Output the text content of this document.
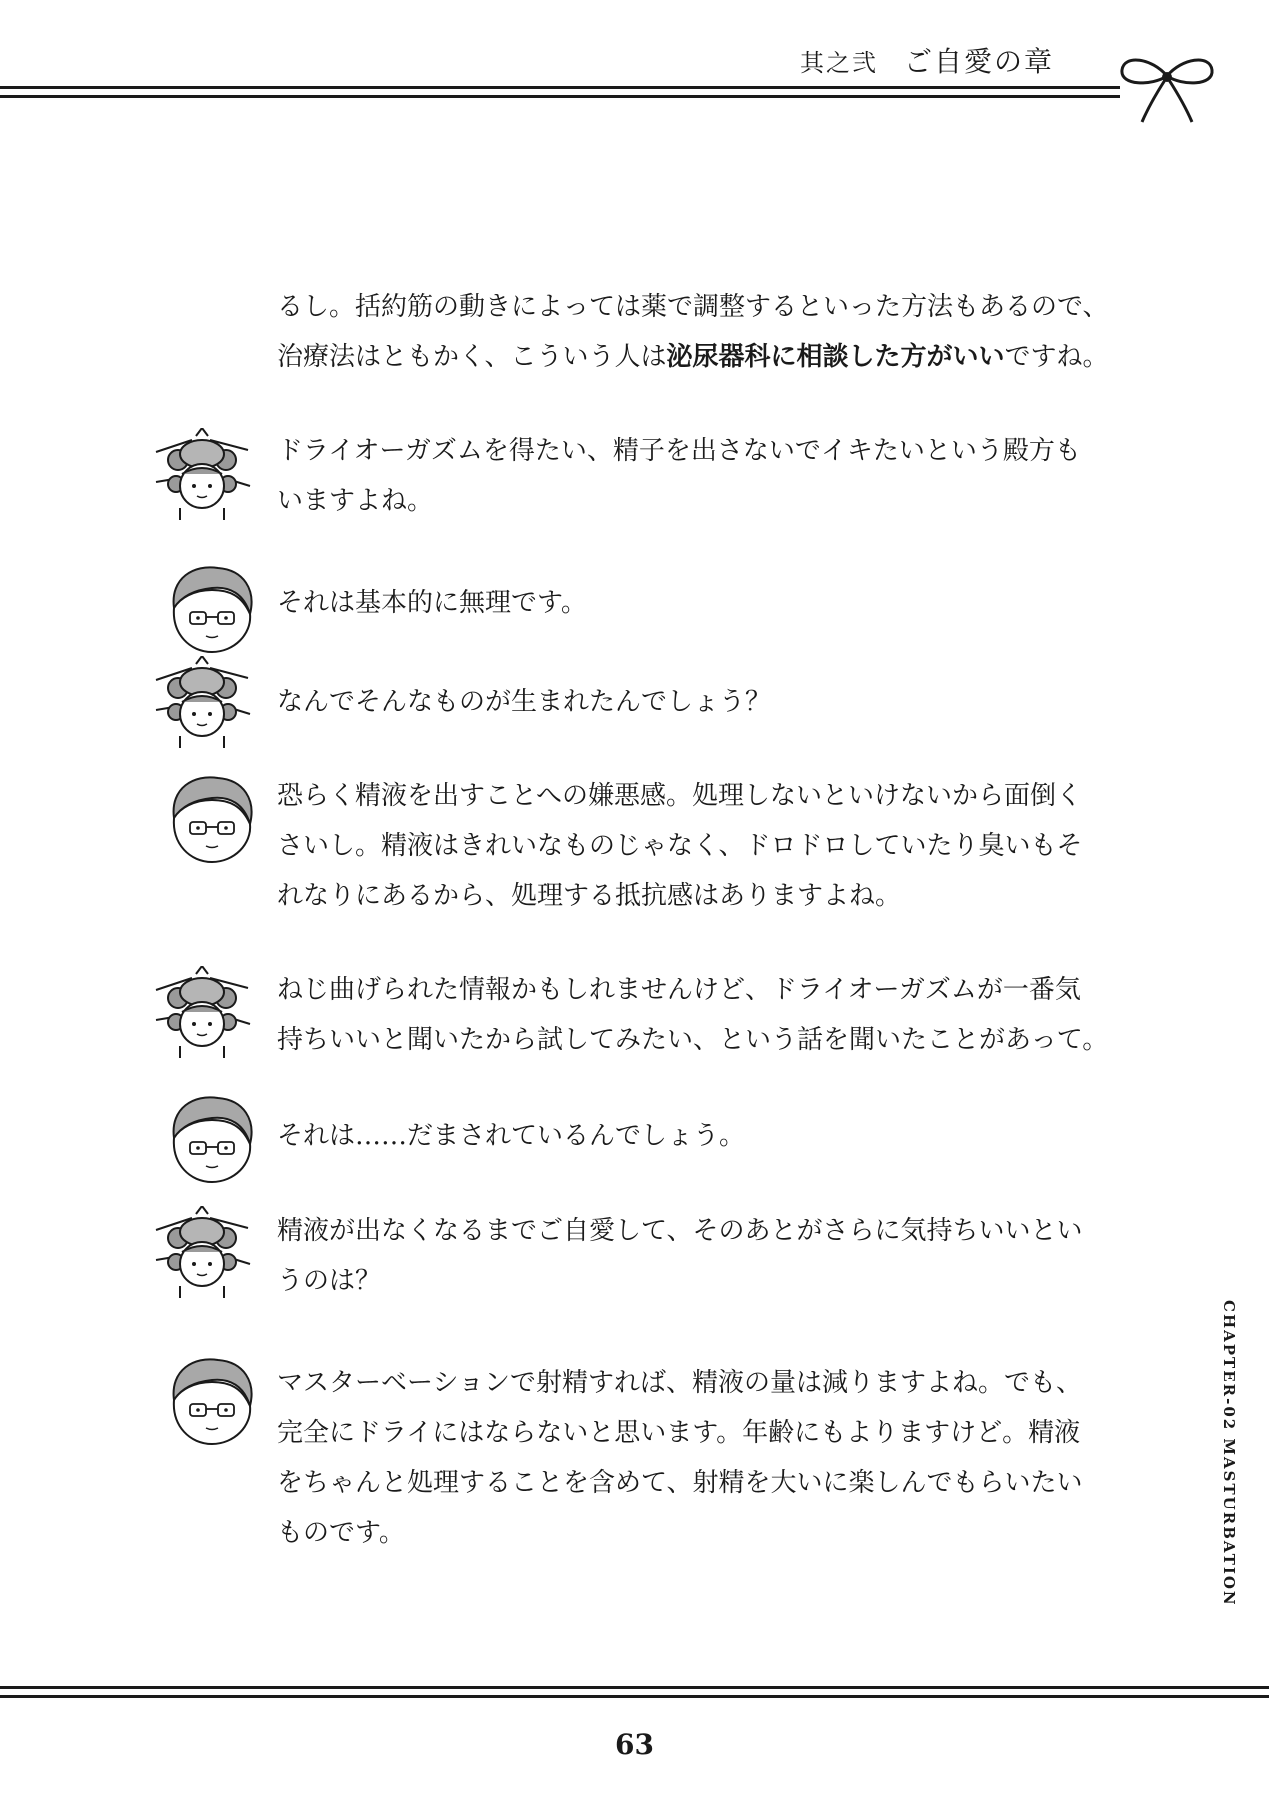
其之弐 ご自愛の章
るし。括約筋の動きによっては薬で調整するといった方法もあるので、
治療法はともかく、こういう人は泌尿器科に相談した方がいいですね。
ドライオーガズムを得たい、精子を出さないでイキたいという殿方も
いますよね。
それは基本的に無理です。
なんでそんなものが生まれたんでしょう？
恐らく精液を出すことへの嫌悪感。処理しないといけないから面倒く
さいし。精液はきれいなものじゃなく、ドロドロしていたり臭いもそ
れなりにあるから、処理する抵抗感はありますよね。
ねじ曲げられた情報かもしれませんけど、ドライオーガズムが一番気
持ちいいと聞いたから試してみたい、という話を聞いたことがあって。
それは……だまされているんでしょう。
精液が出なくなるまでご自愛して、そのあとがさらに気持ちいいとい
うのは？
マスターベーションで射精すれば、精液の量は減りますよね。でも、
完全にドライにはならないと思います。年齢にもよりますけど。精液
をちゃんと処理することを含めて、射精を大いに楽しんでもらいたい
ものです。	CHAPTER-02 MASTURBATION
63
